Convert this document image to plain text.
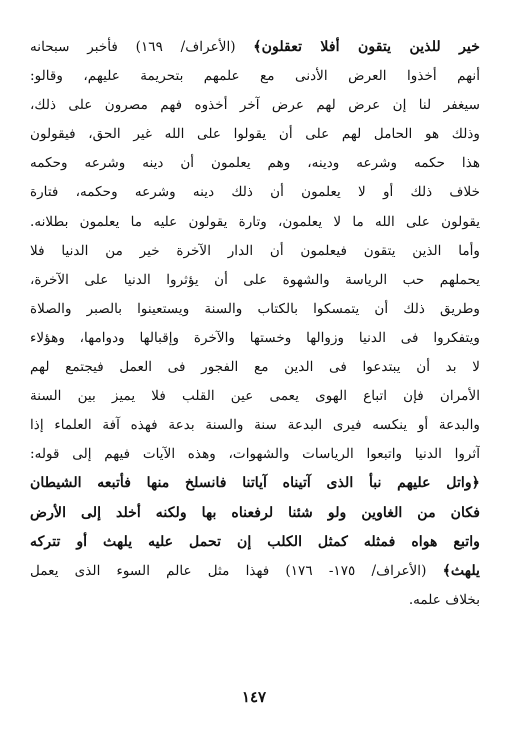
خير للذين يتقون أفلا تعقلون﴾ (الأعراف/ ١٦٩) فأخبر سبحانه
أنهم أخذوا العرض الأدنى مع علمهم بتحريمة عليهم، وقالو:
سيغفر لنا إن عرض لهم عرض آخر أخذوه فهم مصرون على ذلك،
وذلك هو الحامل لهم على أن يقولوا على الله غير الحق، فيقولون
هذا حكمه وشرعه ودينه، وهم يعلمون أن دينه وشرعه وحكمه
خلاف ذلك أو لا يعلمون أن ذلك دينه وشرعه وحكمه، فتارة
يقولون على الله ما لا يعلمون، وتارة يقولون عليه ما يعلمون بطلانه.
وأما الذين يتقون فيعلمون أن الدار الآخرة خير من الدنيا فلا
يحملهم حب الرياسة والشهوة على أن يؤثروا الدنيا على الآخرة،
وطريق ذلك أن يتمسكوا بالكتاب والسنة ويستعينوا بالصبر والصلاة
ويتفكروا فى الدنيا وزوالها وخستها والآخرة وإقبالها ودوامها، وهؤلاء
لا بد أن يبتدعوا فى الدين مع الفجور فى العمل فيجتمع لهم
الأمران فإن اتباع الهوى يعمى عين القلب فلا يميز بين السنة
والبدعة أو ينكسه فيرى البدعة سنة والسنة بدعة فهذه آفة العلماء إذا
آثروا الدنيا واتبعوا الرياسات والشهوات، وهذه الآيات فيهم إلى قوله:
﴿واتل عليهم نبأ الذى آتيناه آياتنا فانسلخ منها فأتبعه الشيطان
فكان من الغاوين ولو شئنا لرفعناه بها ولكنه أخلد إلى الأرض
واتبع هواه فمثله كمثل الكلب إن تحمل عليه يلهث أو تتركه
يلهث﴾ (الأعراف/ ١٧٥- ١٧٦) فهذا مثل عالم السوء الذى يعمل
بخلاف علمه.
١٤٧
